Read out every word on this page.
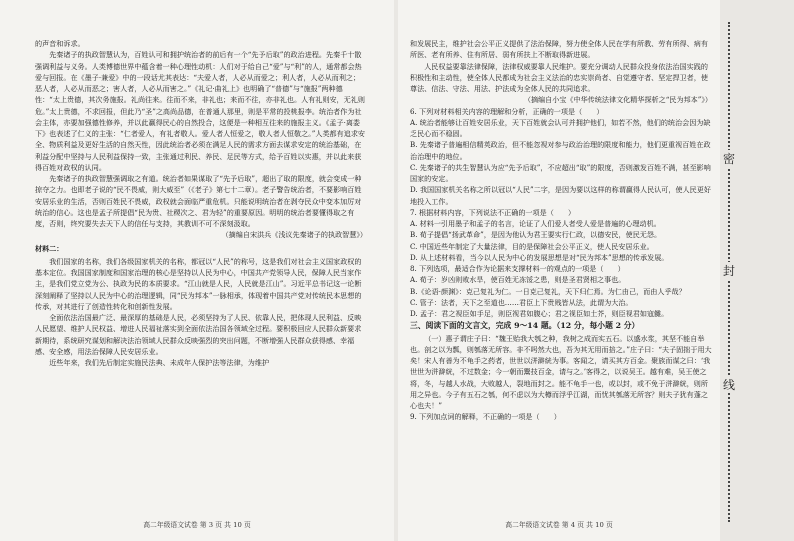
的声音和诉求。

先秦诸子的执政智慧认为，百姓认可和拥护统治者的前后有一个“先予后取”的政治进程。先秦千十散强调利益与义务。人类博德世界中蕴含着一种心理性动机：人们对于给自己“爱”与“利”的人，通常都会热爱与回报。在《墨子·兼爱》中的一段话尤其表达：“夫爱人者，人必从而爱之；利人者，人必从而利之；恶人者，人必从而恶之；害人者，人必从而害之。”《礼记·曲礼上》也明确了“普德”与“施报”两种德性：“太上贵德，其次务施报。礼尚往来。往而不来，非礼也；来而不往，亦非礼也。人有礼则安，无礼则危。”太上贵德，不求回报，但此乃“圣”之高尚品德，在普通人那里，则是平常的投桃报李。统治者作为社会主体，亦要加强德性修养，并以此赢得民心的自然投合，这便是一种相互往来的施报主义。《孟子·离娄下》也表述了仁义的主张：“仁者爱人，有礼者敬人。爱人者人恒爱之，敬人者人恒敬之。”人类都有追求安全、物质利益及更好生活的自然天性，因此统治者必须在满足人民的需求方面去谋求安定的统治基础，在利益分配中坚持与人民利益保持一致，主张通过利民、养民、足民等方式，给予百姓以实惠，并以此来获得百姓对政权的认同。

先秦诸子的执政智慧强调取之有道。统治者如果谋取了“先予后取”，超出了取的限度，就会变成一种掠夺之力。也即老子说的“民不畏威，则大威至”（《老子》第七十二章）。老子警告统治者，不要影响百姓安居乐业的生活，否则百姓民不畏威，政权就会面临严重危机。只能说明统治者在剥夺民众中变本加厉对统治的信心。这也是孟子所提倡“民为贵、社稷次之、君为轻”的重要原因。明明的统治者要懂得取之有度，否则，终究要失去天下人的信任与支持，其教训不可不深刻汲取。

（摘编自宋洪兵《浅议先秦诸子的执政智慧》）

材料二：

我们国家的名称，我们各级国家机关的名称，都冠以“人民”的称号，这是我们对社会主义国家政权的基本定位。我国国家制度和国家治理的核心是坚持以人民为中心，中国共产党领导人民，保障人民当家作主，是我们党立党为公、执政为民的本质要求。“江山就是人民，人民就是江山”。习近平总书记这一论断深刻阐释了坚持以人民为中心的治理逻辑，同“民为邦本”一脉相承，体现着中国共产党对传统民本思想的传承，对其进行了创造性转化和创新性发展。

全面依法治国最广泛、最深厚的基础是人民，必须坚持为了人民、依靠人民，把体现人民利益、反映人民愿望、维护人民权益、增进人民福祉落实到全面依法治国各领域全过程。要积极回应人民群众新要求新期待，系统研究谋划和解决法治领域人民群众反映强烈的突出问题，不断增强人民群众获得感、幸福感、安全感，用法治保障人民安居乐业。

近些年来，我们先后制定实施民法典、未成年人保护法等法律，为维护

高二年级语文试卷 第 3 页 共 10 页

和发展民主，维护社会公平正义提供了法治保障，努力使全体人民在学有所教、劳有所得、病有所医、老有所养、住有所居、弱有所扶上不断取得新进展。

人民权益要靠法律保障，法律权威要靠人民维护。要充分调动人民群众投身依法治国实践的积极性和主动性，使全体人民都成为社会主义法治的忠实崇尚者、自觉遵守者、坚定捍卫者，使尊法、信法、守法、用法、护法成为全体人民的共同追求。

（摘编自小宝《中华传统法律文化精华探析之“民为邦本”》）

6. 下列对材料相关内容的理解和分析，正确的一项是（　　）

A. 统治者能够让百姓安居乐业，天下百姓就会认可并拥护他们，如若不然，他们的统治会因为缺乏民心而不稳固。

B. 先秦诸子普遍相信精英政治，但不能忽视对参与政治治理的限度和能力，他们更重视百姓在政治治理中的地位。

C. 先秦诸子的共生智慧认为应“先予后取”，不应超出“取”的限度，否则激发百姓不满，甚至影响国家的安定。

D. 我国国家机关名称之所以冠以“人民”二字，是因为要以这样的称谓赢得人民认可，使人民更好地投入工作。

7. 根据材料内容，下列说法不正确的一项是（　　）

A. 材料一引用墨子和孟子的名言，论证了人们爱人者受人爱是普遍的心理动机。

B. 荀子提倡“扬武革命”，是因为他认为君王要实行仁政，以德安民，使民无怨。

C. 中国近些年制定了大量法律，目的是保障社会公平正义，使人民安居乐业。

D. 从上述材料看，当今以人民为中心的发展思想是对“民为邦本”思想的传承发展。

8. 下列选项，最适合作为论据来支撑材料一的观点的一项是（　　）

A. 荀子：岁凶则败水旱，使百姓无冻馁之患，则是圣君贤相之事也。

B.《论语·颜渊》：克己复礼为仁。一日克己复礼，天下归仁焉。为仁由己，而由人乎哉？

C. 管子：法者，天下之至道也……君臣上下贵贱皆从法，此谓为大治。

D. 孟子：君之视臣如手足，则臣视君如腹心；君之视臣如土芥，则臣视君如寇雠。

三、阅读下面的文言文，完成 9～14 题。（12 分，每小题 2 分）

（一）惠子谓庄子曰：“魏王贻我大瓠之种，我树之成而实五石。以盛水浆，其坚不能自举也。剖之以为瓢，则瓠落无所容。非不呺然大也，吾为其无用而掊之。”庄子曰：“夫子固拙于用大矣！宋人有善为不龟手之药者，世世以洴澼絖为事。客闻之，请买其方百金。聚族而谋之曰：‘我世世为洴澼絖，不过数金；今一朝而鬻技百金，请与之。’客得之，以说吴王。越有难，吴王使之将，冬，与越人水战，大败越人，裂地而封之。能不龟手一也，或以封，或不免于洴澼絖，则所用之异也。今子有五石之瓠，何不虑以为大樽而浮乎江湖，而忧其瓠落无所容？则夫子犹有蓬之心也夫！”

9. 下列加点词的解释，不正确的一项是（　　）

高二年级语文试卷 第 4 页 共 10 页
密
封
线
